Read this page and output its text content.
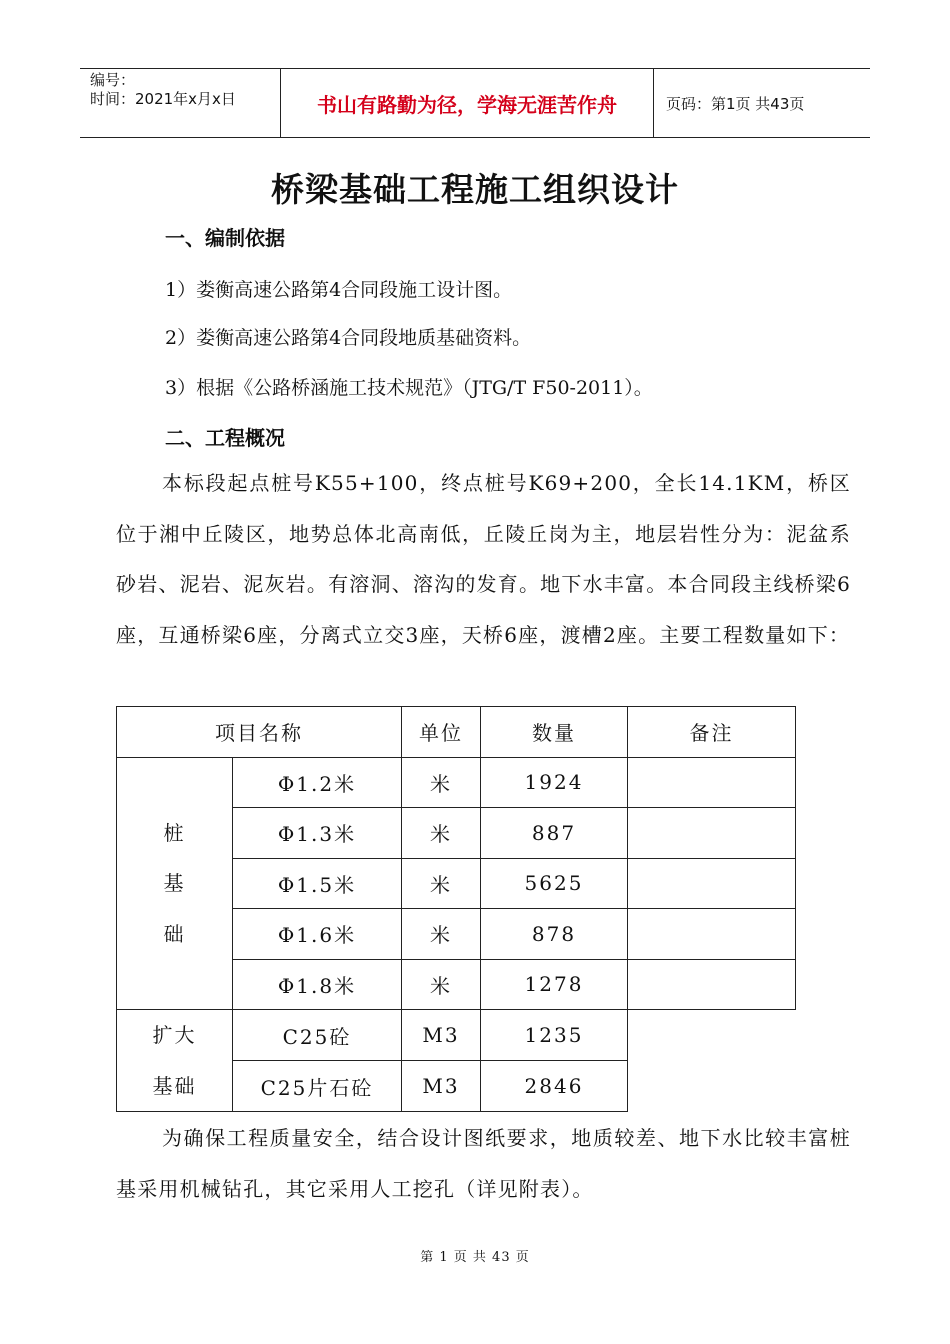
编号：
时间：2021年x月x日	书山有路勤为径，学海无涯苦作舟	页码：第1页 共43页
桥梁基础工程施工组织设计
一、编制依据
1）娄衡高速公路第4合同段施工设计图。
2）娄衡高速公路第4合同段地质基础资料。
3）根据《公路桥涵施工技术规范》（JTG/T F50-2011）。
二、工程概况
本标段起点桩号K55+100，终点桩号K69+200，全长14.1KM，桥区位于湘中丘陵区，地势总体北高南低，丘陵丘岗为主，地层岩性分为：泥盆系砂岩、泥岩、泥灰岩。有溶洞、溶沟的发育。地下水丰富。本合同段主线桥梁6座，互通桥梁6座，分离式立交3座，天桥6座，渡槽2座。主要工程数量如下：
项目名称		单位	数量	备注

桩
基
础	Φ1.2米	米	1924	
	Φ1.3米	米	887	
	Φ1.5米	米	5625	
	Φ1.6米	米	878	
	Φ1.8米	米	1278	

扩大
基础	C25砼	M3	1235	
	C25片石砼	M3	2846	
为确保工程质量安全，结合设计图纸要求，地质较差、地下水比较丰富桩基采用机械钻孔，其它采用人工挖孔（详见附表）。
第 1 页 共 43 页
